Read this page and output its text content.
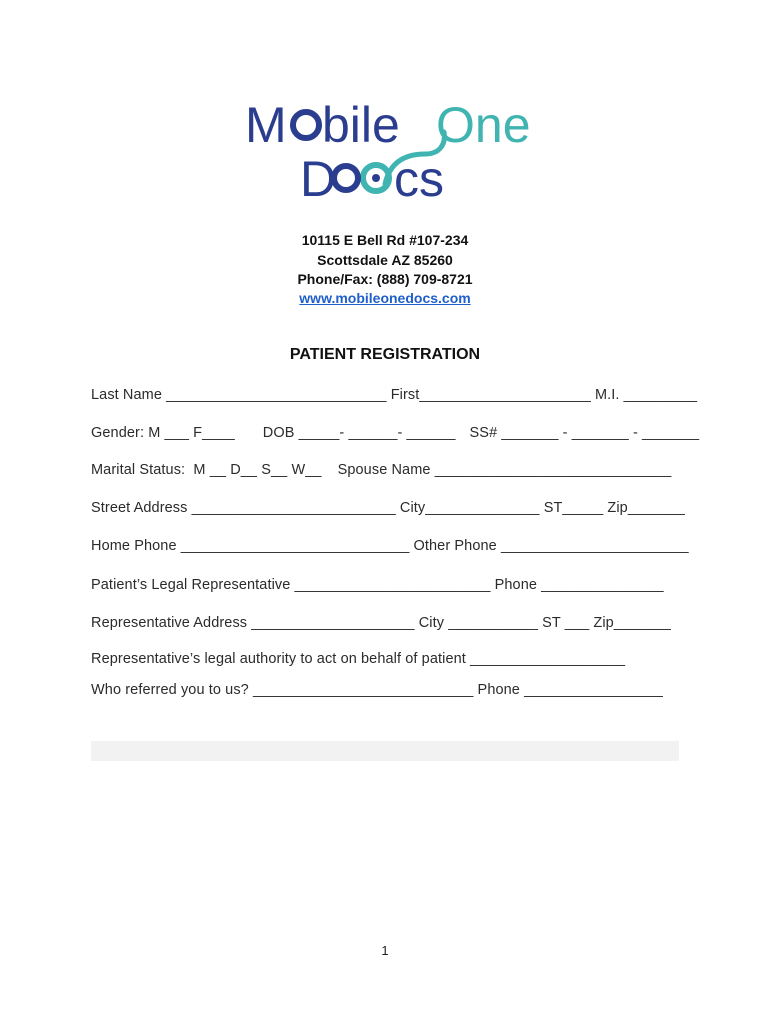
M bile One
D cs
10115 E Bell Rd #107-234
Scottsdale AZ 85260
Phone/Fax: (888) 709-8721
www.mobileonedocs.com
PATIENT REGISTRATION
Last Name ___________________________ First_____________________ M.I. _________
Gender: M ___ F____ DOB _____- ______- ______ SS# _______ - _______ - _______
Marital Status:  M __ D__ S__ W__ Spouse Name _____________________________
Street Address _________________________ City______________ ST_____ Zip_______
Home Phone ____________________________ Other Phone _______________________
Patient’s Legal Representative ________________________ Phone _______________
Representative Address ____________________ City ___________ ST ___ Zip_______
Representative’s legal authority to act on behalf of patient ___________________
Who referred you to us? ___________________________ Phone _________________
1
